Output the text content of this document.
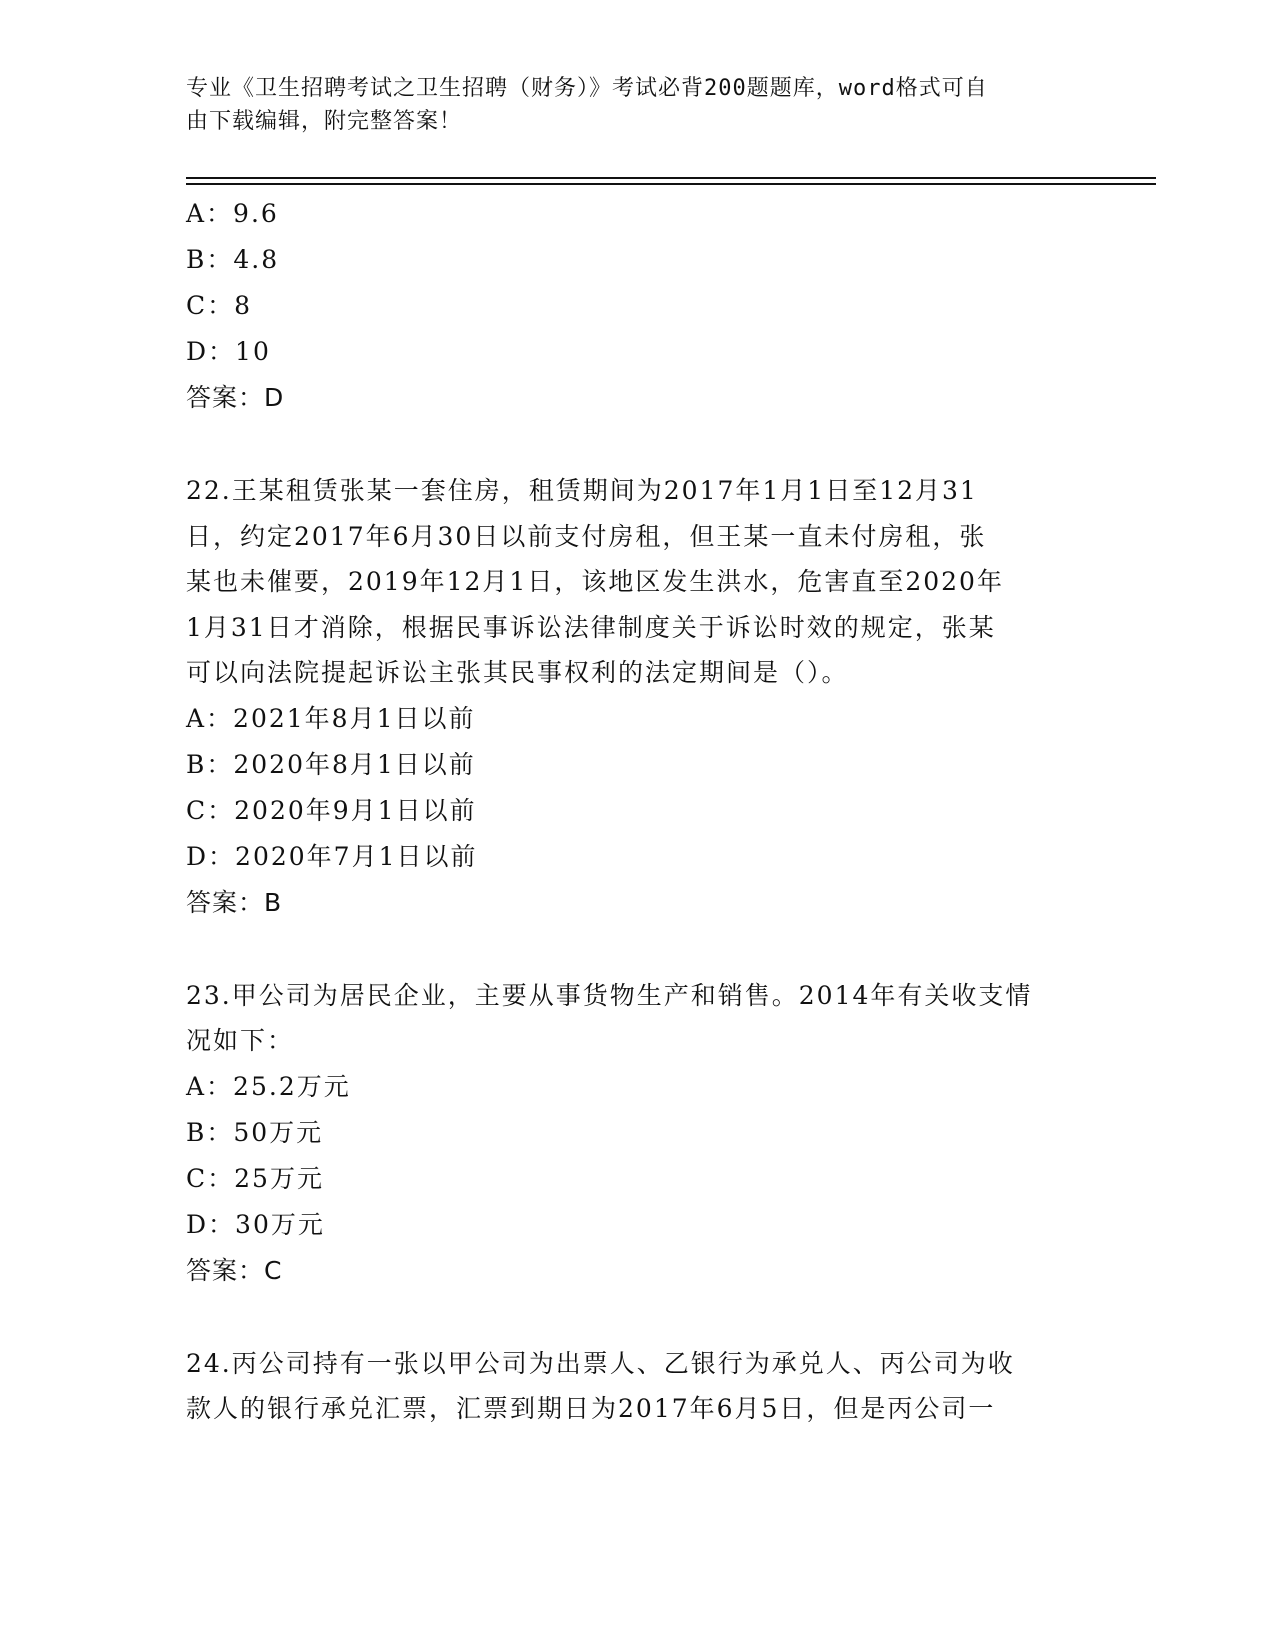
专业《卫生招聘考试之卫生招聘（财务）》考试必背200题题库，word格式可自
由下载编辑，附完整答案！
A：9.6
B：4.8
C：8
D：10
答案：D
22.王某租赁张某一套住房，租赁期间为2017年1月1日至12月31
日，约定2017年6月30日以前支付房租，但王某一直未付房租，张
某也未催要，2019年12月1日，该地区发生洪水，危害直至2020年
1月31日才消除，根据民事诉讼法律制度关于诉讼时效的规定，张某
可以向法院提起诉讼主张其民事权利的法定期间是（）。
A：2021年8月1日以前
B：2020年8月1日以前
C：2020年9月1日以前
D：2020年7月1日以前
答案：B
23.甲公司为居民企业，主要从事货物生产和销售。2014年有关收支情
况如下：
A：25.2万元
B：50万元
C：25万元
D：30万元
答案：C
24.丙公司持有一张以甲公司为出票人、乙银行为承兑人、丙公司为收
款人的银行承兑汇票，汇票到期日为2017年6月5日，但是丙公司一
